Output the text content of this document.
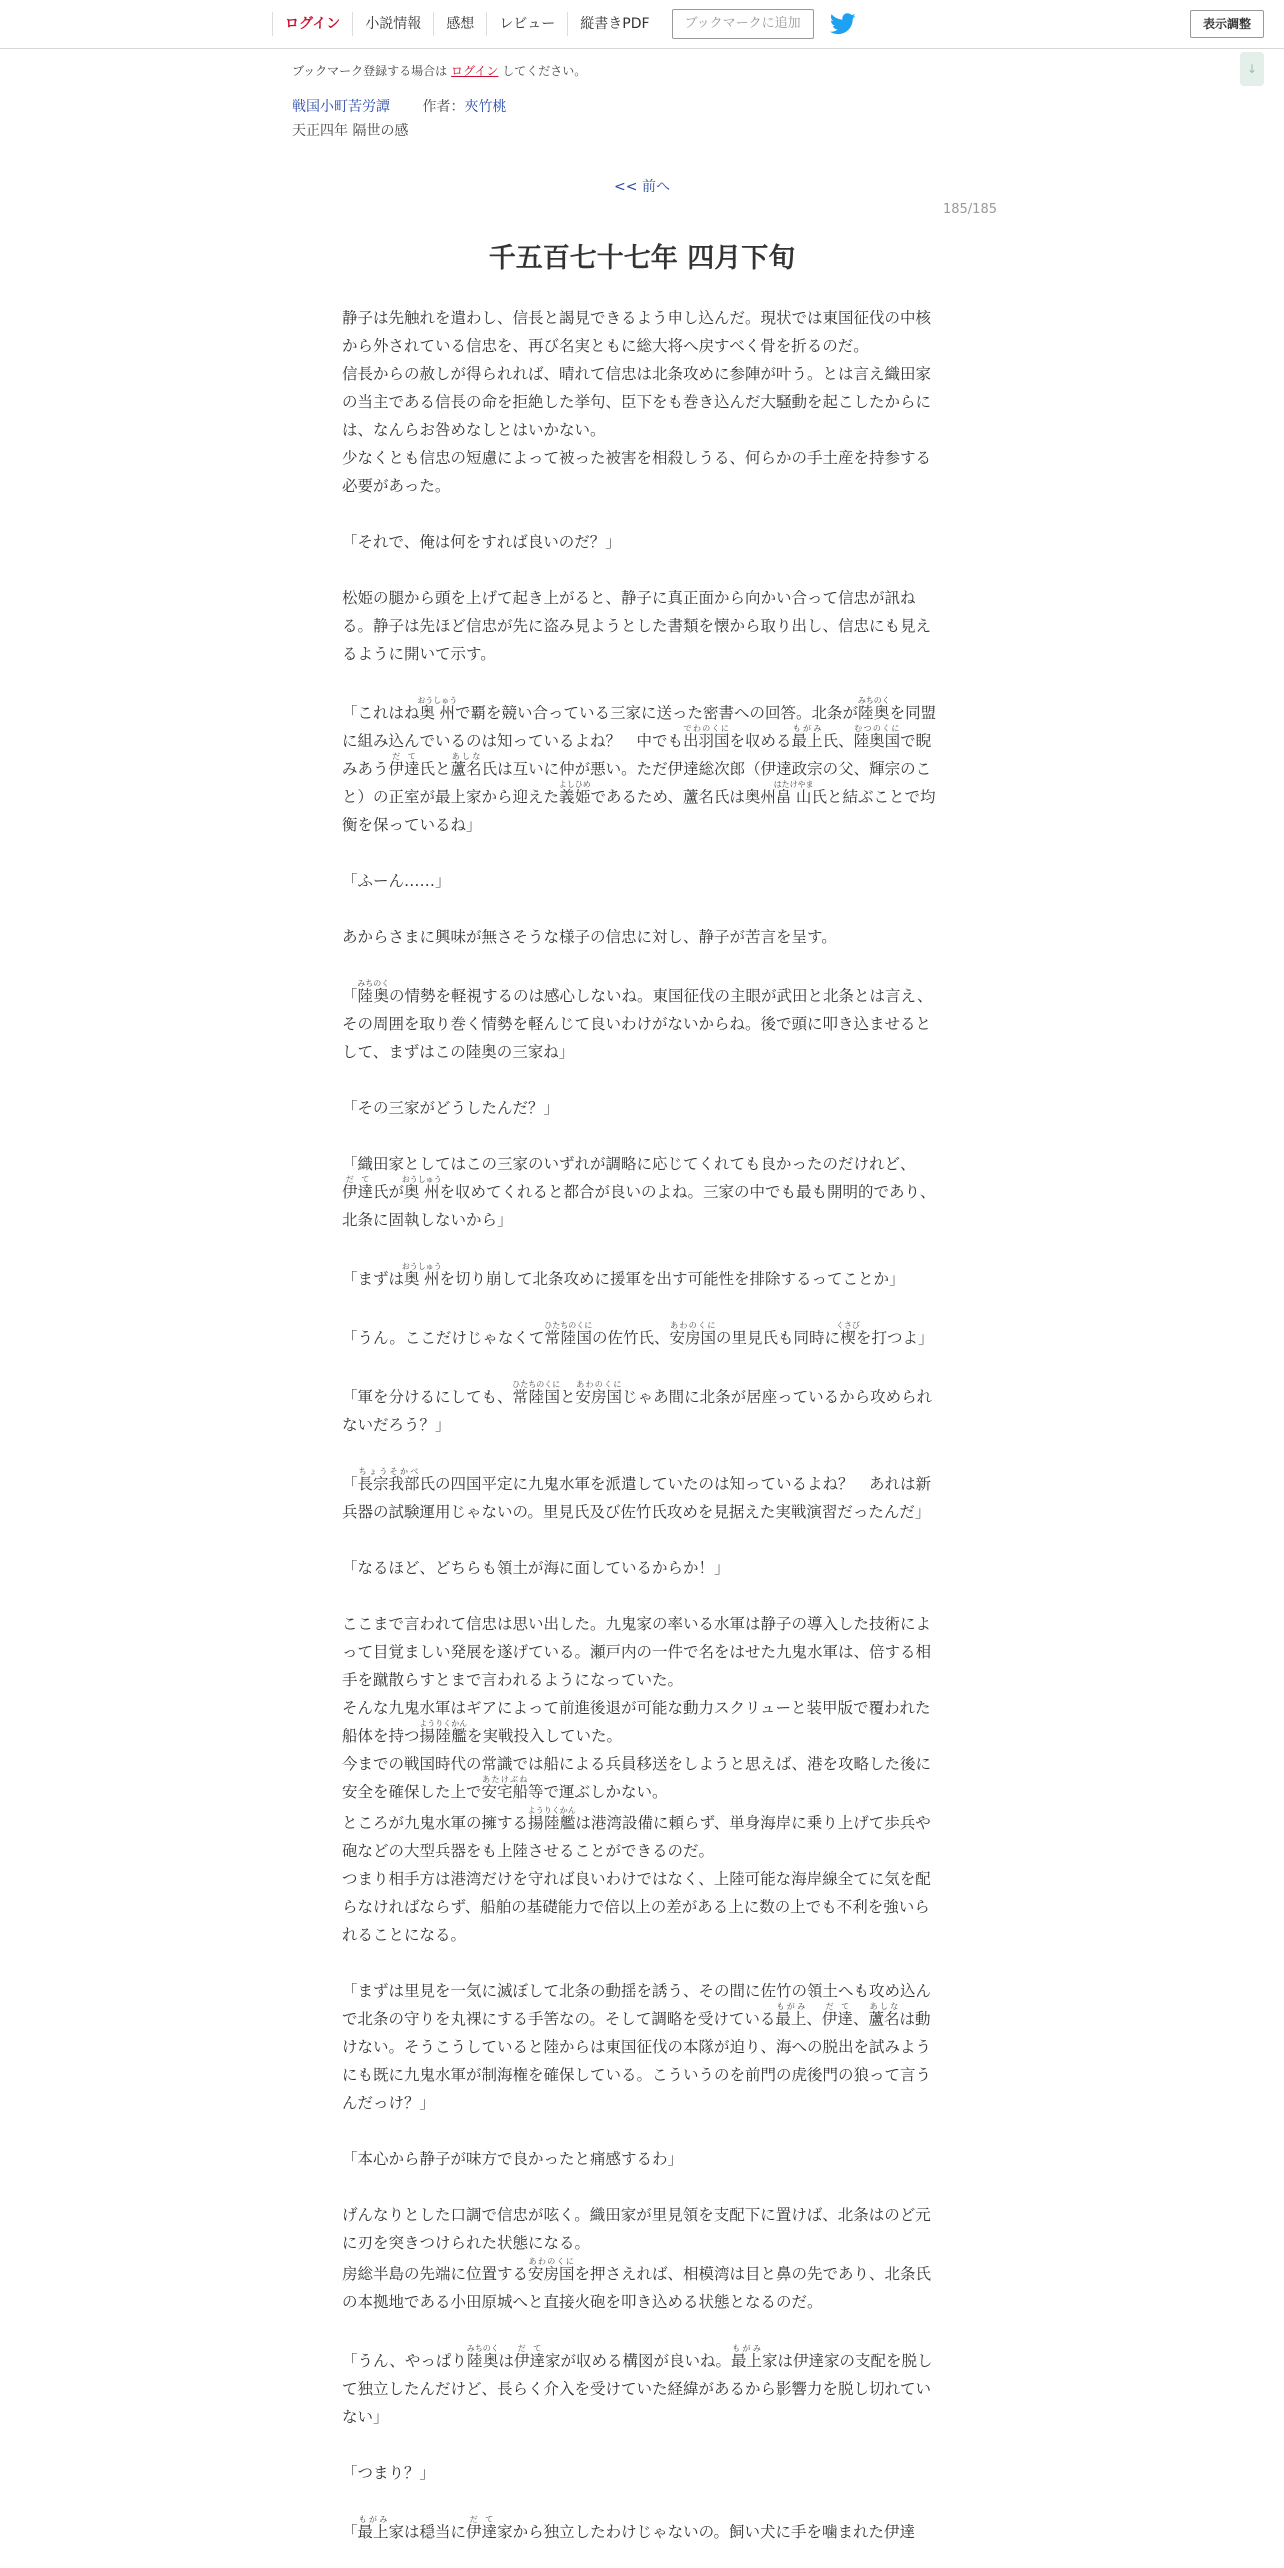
ログイン	小説情報	感想	レビュー	縦書きPDF	ブックマークに追加	表示調整
↓
ブックマーク登録する場合は ログイン してください。
戦国小町苦労譚 作者：夾竹桃
天正四年 隔世の感
<< 前へ
185/185
千五百七十七年 四月下旬

静子は先触れを遣わし、信長と謁見できるよう申し込んだ。現状では東国征伐の中核から外されている信忠を、再び名実ともに総大将へ戻すべく骨を折るのだ。

信長からの赦しが得られれば、晴れて信忠は北条攻めに参陣が叶う。とは言え織田家の当主である信長の命を拒絶した挙句、臣下をも巻き込んだ大騒動を起こしたからには、なんらお咎めなしとはいかない。

少なくとも信忠の短慮によって被った被害を相殺しうる、何らかの手土産を持参する必要があった。

「それで、俺は何をすれば良いのだ？」

松姫の腿から頭を上げて起き上がると、静子に真正面から向かい合って信忠が訊ねる。静子は先ほど信忠が先に盗み見ようとした書類を懐から取り出し、信忠にも見えるように開いて示す。

「これはね奥州おうしゅうで覇を競い合っている三家に送った密書への回答。北条が陸奥みちのくを同盟に組み込んでいるのは知っているよね？　中でも出羽国でわのくにを収める最上もがみ氏、陸奥国むつのくにで睨みあう伊達だて氏と蘆名あしな氏は互いに仲が悪い。ただ伊達総次郎（伊達政宗の父、輝宗のこと）の正室が最上家から迎えた義姫よしひめであるため、蘆名氏は奥州畠山はたけやま氏と結ぶことで均衡を保っているね」

「ふーん……」

あからさまに興味が無さそうな様子の信忠に対し、静子が苦言を呈す。

「陸奥みちのくの情勢を軽視するのは感心しないね。東国征伐の主眼が武田と北条とは言え、その周囲を取り巻く情勢を軽んじて良いわけがないからね。後で頭に叩き込ませるとして、まずはこの陸奥の三家ね」

「その三家がどうしたんだ？」

「織田家としてはこの三家のいずれが調略に応じてくれても良かったのだけれど、伊達だて氏が奥州おうしゅうを収めてくれると都合が良いのよね。三家の中でも最も開明的であり、北条に固執しないから」

「まずは奥州おうしゅうを切り崩して北条攻めに援軍を出す可能性を排除するってことか」

「うん。ここだけじゃなくて常陸国ひたちのくにの佐竹氏、安房国あわのくにの里見氏も同時に楔くさびを打つよ」

「軍を分けるにしても、常陸国ひたちのくにと安房国あわのくにじゃあ間に北条が居座っているから攻められないだろう？」

「長宗我部ちょうそかべ氏の四国平定に九鬼水軍を派遣していたのは知っているよね？　あれは新兵器の試験運用じゃないの。里見氏及び佐竹氏攻めを見据えた実戦演習だったんだ」

「なるほど、どちらも領土が海に面しているからか！」

ここまで言われて信忠は思い出した。九鬼家の率いる水軍は静子の導入した技術によって目覚ましい発展を遂げている。瀬戸内の一件で名をはせた九鬼水軍は、倍する相手を蹴散らすとまで言われるようになっていた。

そんな九鬼水軍はギアによって前進後退が可能な動力スクリューと装甲版で覆われた船体を持つ揚陸艦ようりくかんを実戦投入していた。

今までの戦国時代の常識では船による兵員移送をしようと思えば、港を攻略した後に安全を確保した上で安宅船あたけぶね等で運ぶしかない。

ところが九鬼水軍の擁する揚陸艦ようりくかんは港湾設備に頼らず、単身海岸に乗り上げて歩兵や砲などの大型兵器をも上陸させることができるのだ。

つまり相手方は港湾だけを守れば良いわけではなく、上陸可能な海岸線全てに気を配らなければならず、船舶の基礎能力で倍以上の差がある上に数の上でも不利を強いられることになる。

「まずは里見を一気に滅ぼして北条の動揺を誘う、その間に佐竹の領土へも攻め込んで北条の守りを丸裸にする手筈なの。そして調略を受けている最上もがみ、伊達だて、蘆名あしなは動けない。そうこうしていると陸からは東国征伐の本隊が迫り、海への脱出を試みようにも既に九鬼水軍が制海権を確保している。こういうのを前門の虎後門の狼って言うんだっけ？」

「本心から静子が味方で良かったと痛感するわ」

げんなりとした口調で信忠が呟く。織田家が里見領を支配下に置けば、北条はのど元に刃を突きつけられた状態になる。

房総半島の先端に位置する安房国あわのくにを押さえれば、相模湾は目と鼻の先であり、北条氏の本拠地である小田原城へと直接火砲を叩き込める状態となるのだ。

「うん、やっぱり陸奥みちのくは伊達だて家が収める構図が良いね。最上もがみ家は伊達家の支配を脱して独立したんだけど、長らく介入を受けていた経緯があるから影響力を脱し切れていない」

「つまり？」

「最上もがみ家は穏当に伊達だて家から独立したわけじゃないの。飼い犬に手を噛まれた伊達
